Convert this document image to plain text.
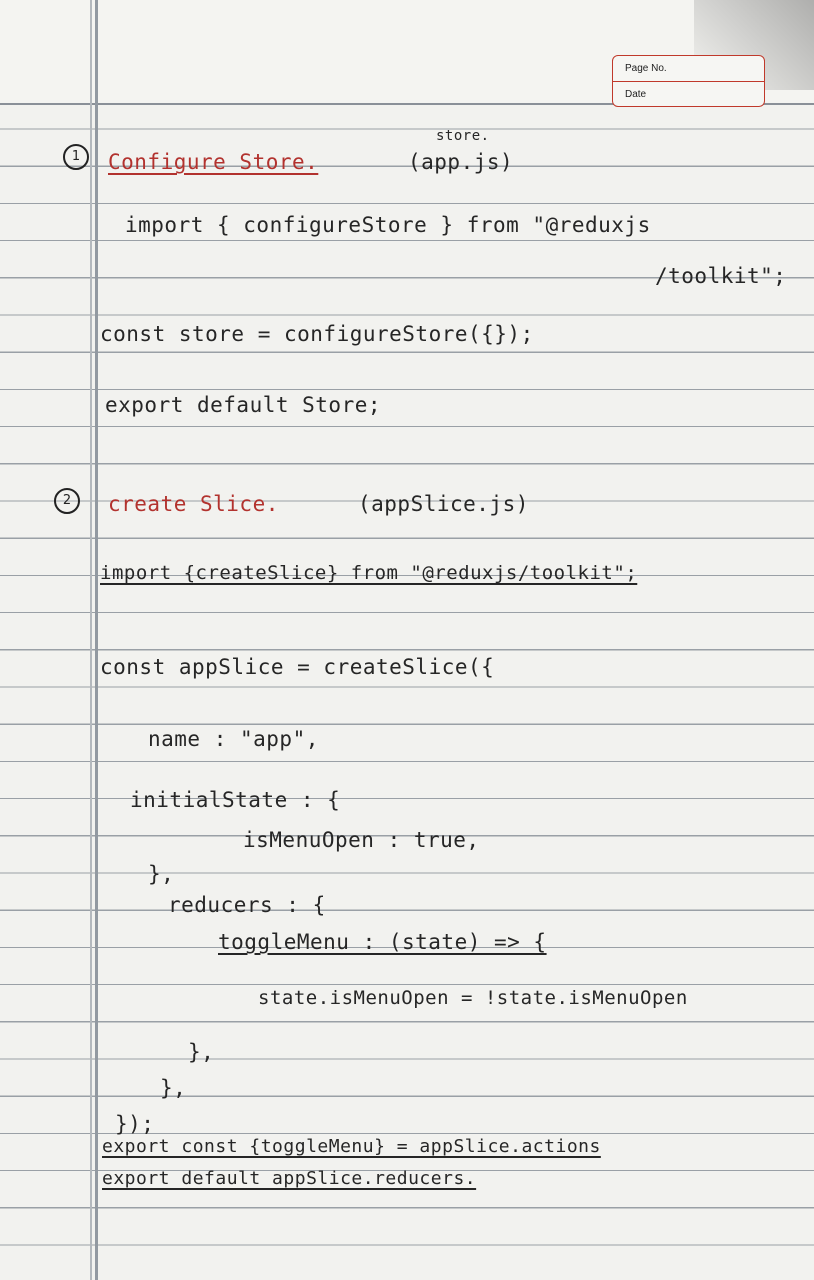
Page No.
Date
1	Configure Store.
store.
(app.js)
import { configureStore } from "@reduxjs
/toolkit";
const store = configureStore({});
export default Store;
2	create Slice.	(appSlice.js)
import {createSlice} from "@reduxjs/toolkit";
const appSlice = createSlice({
name : "app",
initialState : {
isMenuOpen : true,
},
reducers : {
toggleMenu : (state) => {
state.isMenuOpen = !state.isMenuOpen
},
},
});
export const {toggleMenu} = appSlice.actions
export default appSlice.reducers.
